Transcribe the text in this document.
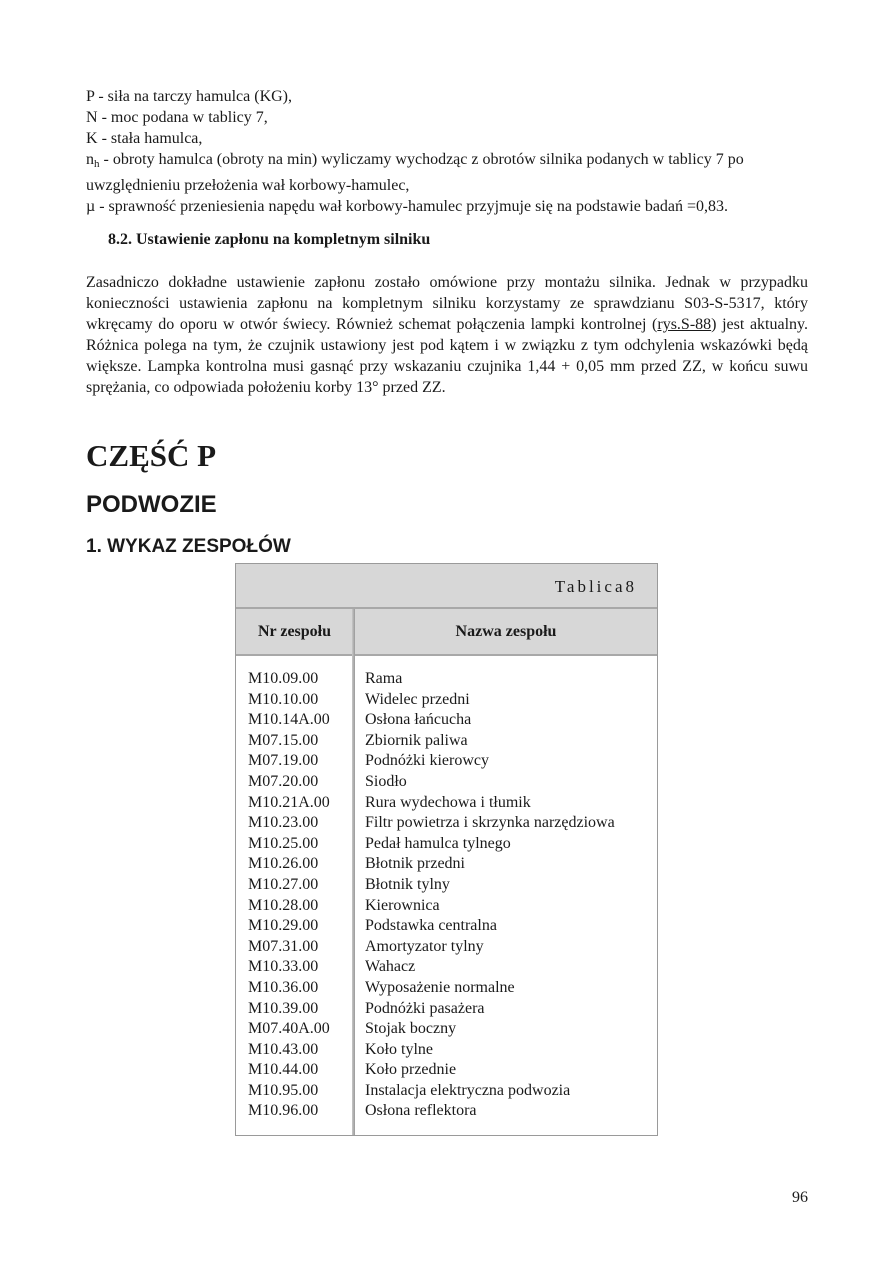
P - siła na tarczy hamulca (KG),

N - moc podana w tablicy 7,

K - stała hamulca,

$n_h$ - obroty hamulca (obroty na min) wyliczamy wychodząc z obrotów silnika podanych w tablicy 7 po uwzględnieniu przełożenia wał korbowy-hamulec,

µ - sprawność przeniesienia napędu wał korbowy-hamulec przyjmuje się na podstawie badań =0,83.

8.2. Ustawienie zapłonu na kompletnym silniku

Zasadniczo dokładne ustawienie zapłonu zostało omówione przy montażu silnika. Jednak w przypadku konieczności ustawienia zapłonu na kompletnym silniku korzystamy ze sprawdzianu S03-S-5317, który wkręcamy do oporu w otwór świecy. Również schemat połączenia lampki kontrolnej (rys.S-88) jest aktualny. Różnica polega na tym, że czujnik ustawiony jest pod kątem i w związku z tym odchylenia wskazówki będą większe. Lampka kontrolna musi gasnąć przy wskazaniu czujnika 1,44 + 0,05 mm przed ZZ, w końcu suwu sprężania, co odpowiada położeniu korby 13° przed ZZ.

CZĘŚĆ P
PODWOZIE
1. WYKAZ ZESPOŁÓW
Tablica8
Nr zespołu	Nazwa zespołu
M10.09.00	Rama
M10.10.00	Widelec przedni
M10.14A.00 Osłona łańcucha
M07.15.00	Zbiornik paliwa
M07.19.00	Podnóżki kierowcy
M07.20.00	Siodło
M10.21A.00 Rura wydechowa i tłumik
M10.23.00	Filtr powietrza i skrzynka narzędziowa
M10.25.00	Pedał hamulca tylnego
M10.26.00	Błotnik przedni
M10.27.00	Błotnik tylny
M10.28.00	Kierownica
M10.29.00	Podstawka centralna
M07.31.00	Amortyzator tylny
M10.33.00	Wahacz
M10.36.00	Wyposażenie normalne
M10.39.00	Podnóżki pasażera
M07.40A.00 Stojak boczny
M10.43.00	Koło tylne
M10.44.00	Koło przednie
M10.95.00	Instalacja elektryczna podwozia
M10.96.00	Osłona reflektora

96
